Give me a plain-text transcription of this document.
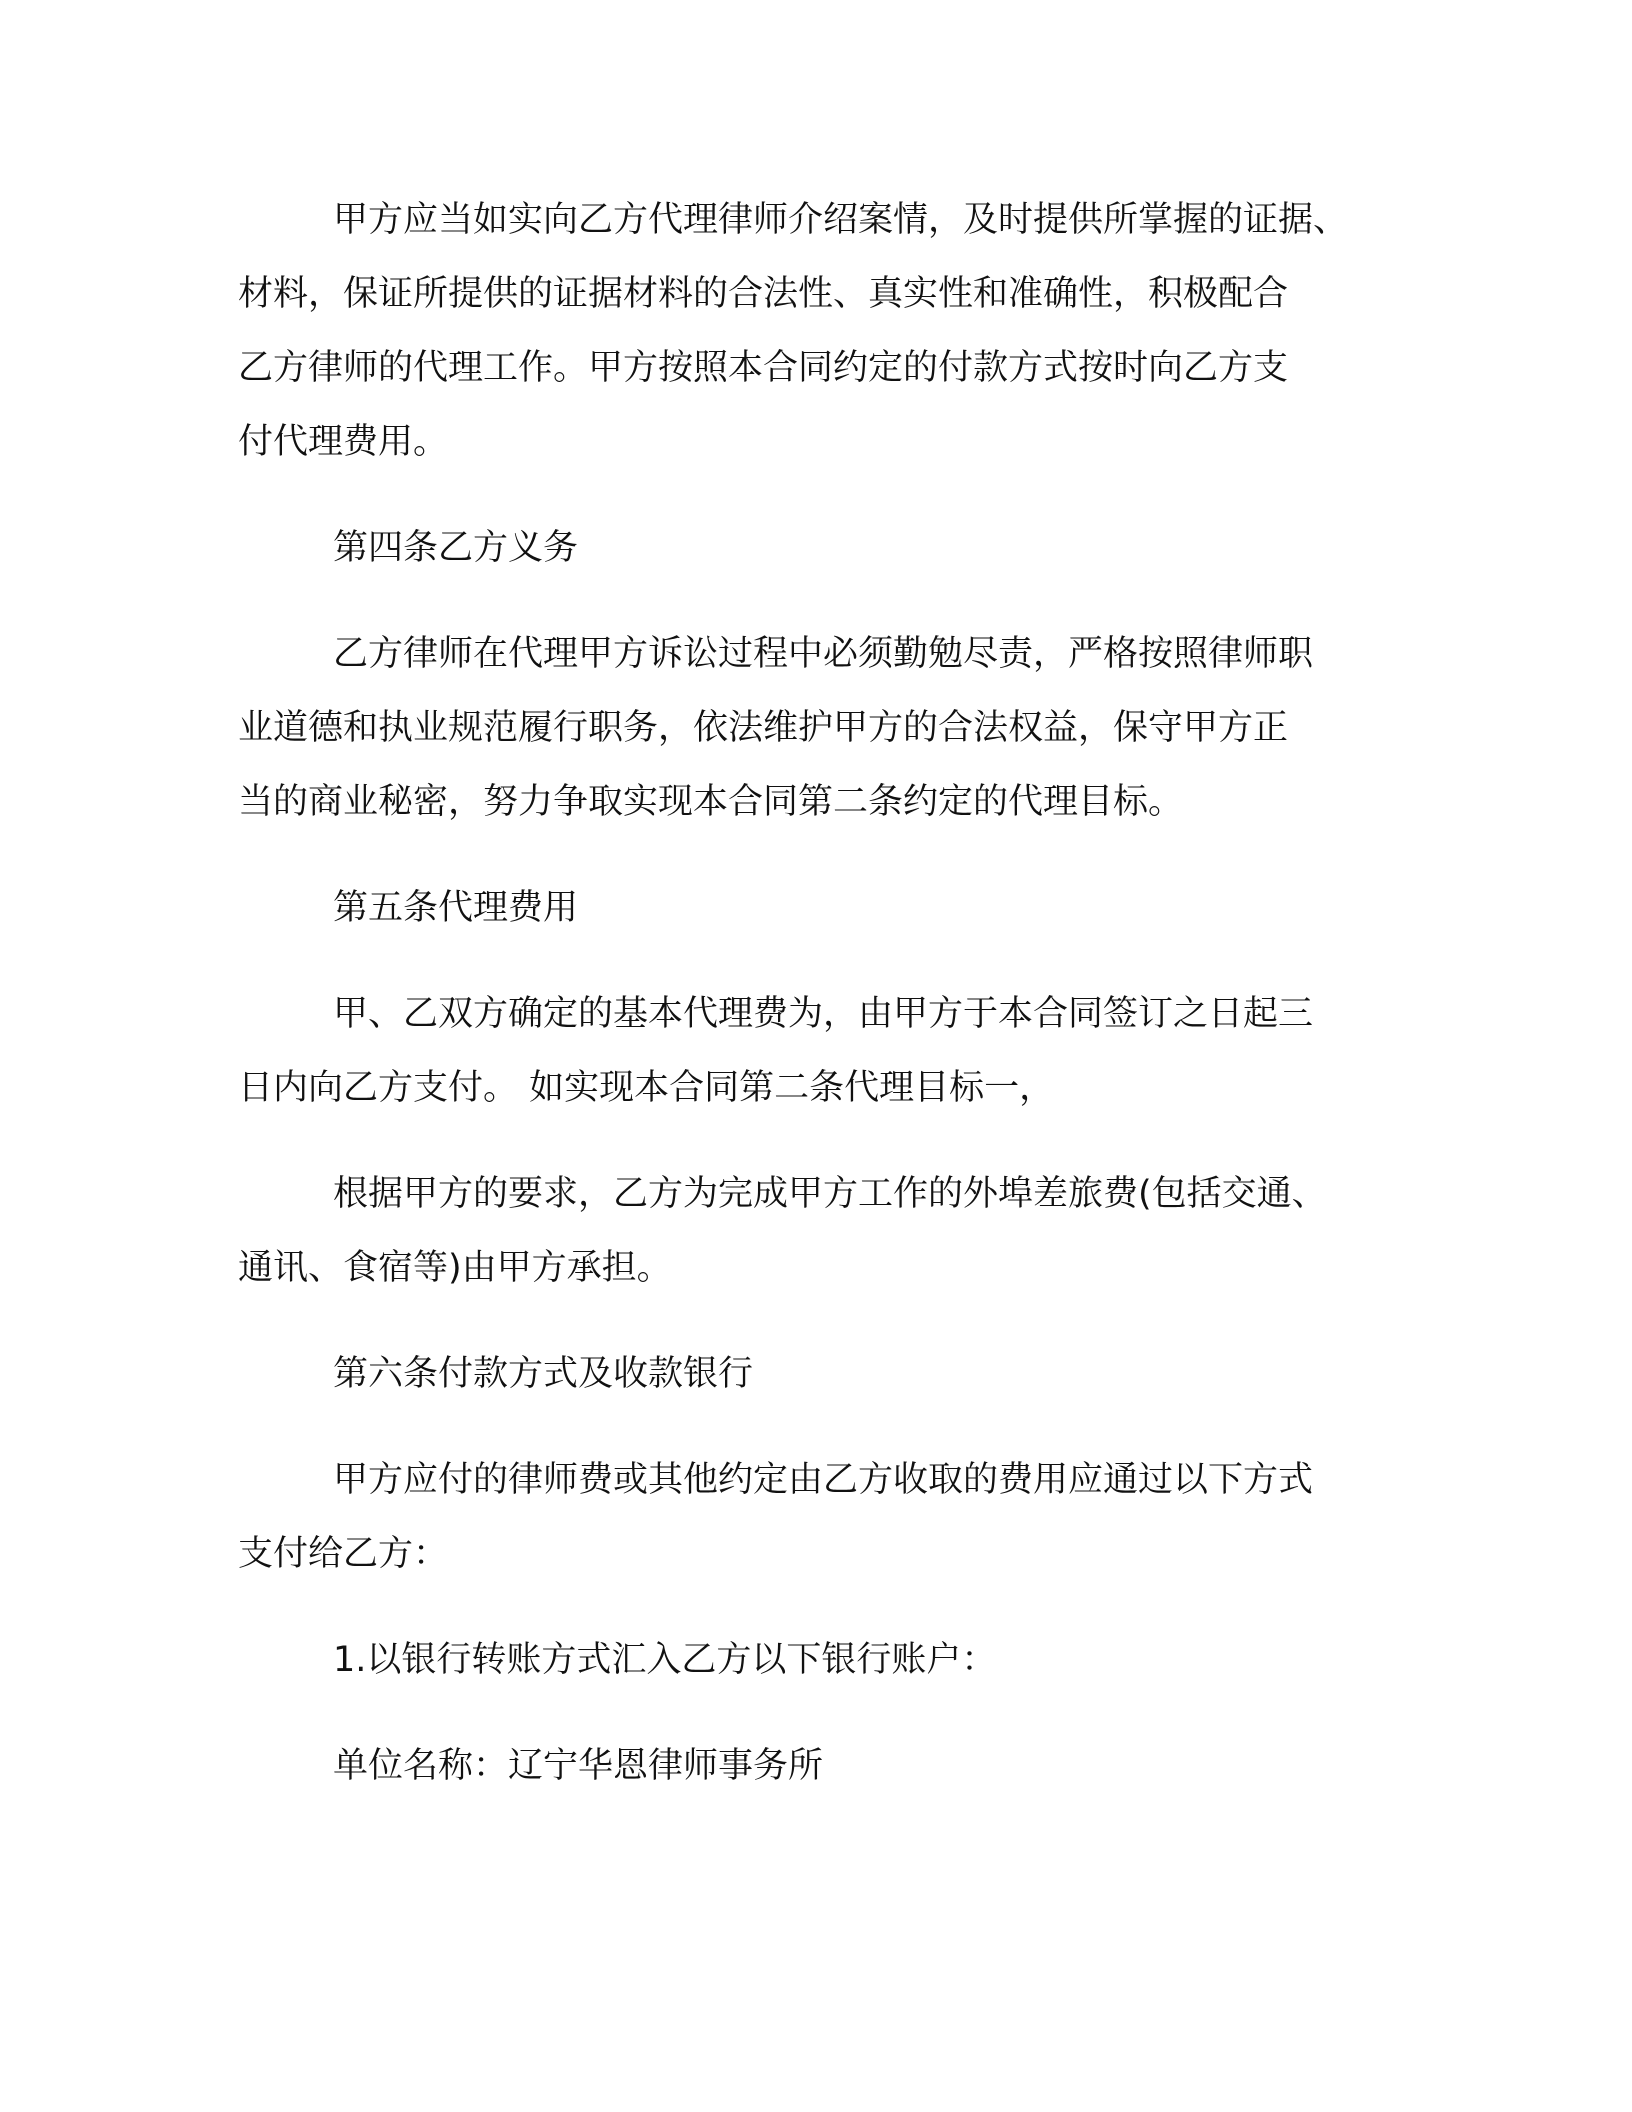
甲方应当如实向乙方代理律师介绍案情，及时提供所掌握的证据、

材料，保证所提供的证据材料的合法性、真实性和准确性，积极配合

乙方律师的代理工作。甲方按照本合同约定的付款方式按时向乙方支

付代理费用。

第四条乙方义务

乙方律师在代理甲方诉讼过程中必须勤勉尽责，严格按照律师职

业道德和执业规范履行职务，依法维护甲方的合法权益，保守甲方正

当的商业秘密，努力争取实现本合同第二条约定的代理目标。

第五条代理费用

甲、乙双方确定的基本代理费为，由甲方于本合同签订之日起三

日内向乙方支付。 如实现本合同第二条代理目标一，

根据甲方的要求，乙方为完成甲方工作的外埠差旅费(包括交通、

通讯、食宿等)由甲方承担。

第六条付款方式及收款银行

甲方应付的律师费或其他约定由乙方收取的费用应通过以下方式

支付给乙方：

1.以银行转账方式汇入乙方以下银行账户：

单位名称：辽宁华恩律师事务所
